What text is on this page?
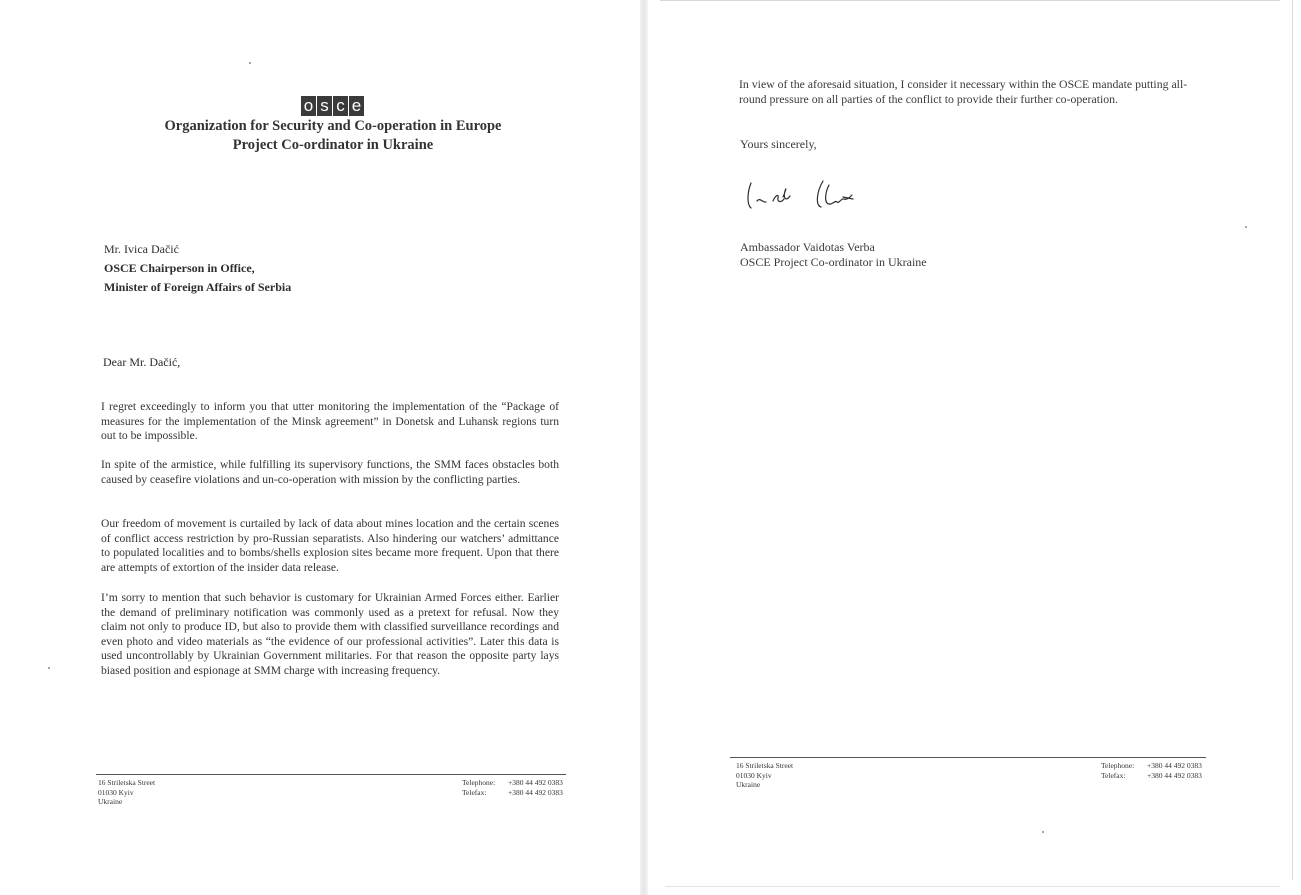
o s c e
Organization for Security and Co-operation in Europe
Project Co-ordinator in Ukraine
Mr. Ivica Dačić
OSCE Chairperson in Office,
Minister of Foreign Affairs of Serbia
Dear Mr. Dačić,
I regret exceedingly to inform you that utter monitoring the implementation of the “Package of measures for the implementation of the Minsk agreement” in Donetsk and Luhansk regions turn out to be impossible.
In spite of the armistice, while fulfilling its supervisory functions, the SMM faces obstacles both caused by ceasefire violations and un-co-operation with mission by the conflicting parties.
Our freedom of movement is curtailed by lack of data about mines location and the certain scenes of conflict access restriction by pro-Russian separatists. Also hindering our watchers’ admittance to populated localities and to bombs/shells explosion sites became more frequent. Upon that there are attempts of extortion of the insider data release.
I’m sorry to mention that such behavior is customary for Ukrainian Armed Forces either. Earlier the demand of preliminary notification was commonly used as a pretext for refusal. Now they claim not only to produce ID, but also to provide them with classified surveillance recordings and even photo and video materials as “the evidence of our professional activities”. Later this data is used uncontrollably by Ukrainian Government militaries. For that reason the opposite party lays biased position and espionage at SMM charge with increasing frequency.
16 Striletska Street
01030 Kyiv
Ukraine
Telephone:	+380 44 492 0383
Telefax:	+380 44 492 0383
In view of the aforesaid situation, I consider it necessary within the OSCE mandate putting all-round pressure on all parties of the conflict to provide their further co-operation.
Yours sincerely,
Ambassador Vaidotas Verba
OSCE Project Co-ordinator in Ukraine
16 Striletska Street
01030 Kyiv
Ukraine
Telephone:	+380 44 492 0383
Telefax:	+380 44 492 0383
